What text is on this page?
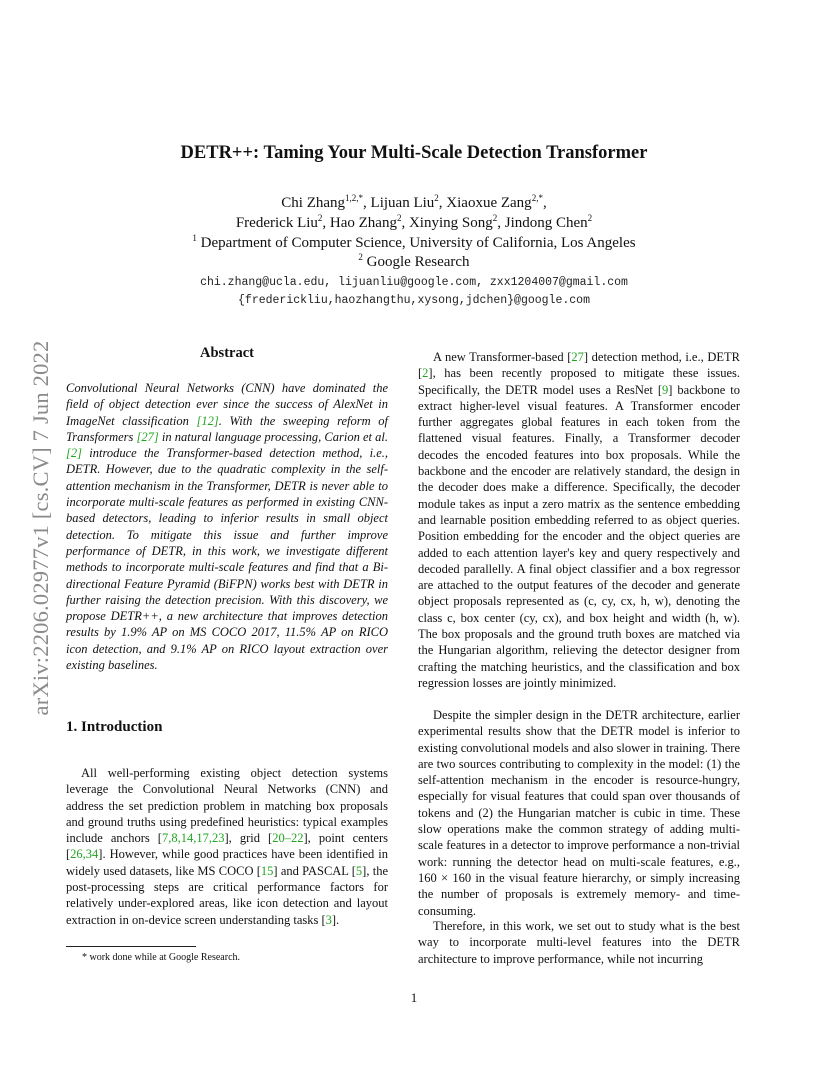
arXiv:2206.02977v1 [cs.CV] 7 Jun 2022
DETR++: Taming Your Multi-Scale Detection Transformer
Chi Zhang$^{1,2,*}$, Lijuan Liu$^2$, Xiaoxue Zang$^{2,*}$,
Frederick Liu$^2$, Hao Zhang$^2$, Xinying Song$^2$, Jindong Chen$^2$
$^1$ Department of Computer Science, University of California, Los Angeles
$^2$ Google Research
chi.zhang@ucla.edu, lijuanliu@google.com, zxx1204007@gmail.com
{frederickliu,haozhangthu,xysong,jdchen}@google.com
Abstract

Convolutional Neural Networks (CNN) have dominated the field of object detection ever since the success of AlexNet in ImageNet classification [12]. With the sweeping reform of Transformers [27] in natural language processing, Carion et al. [2] introduce the Transformer-based detection method, i.e., DETR. However, due to the quadratic complexity in the self-attention mechanism in the Transformer, DETR is never able to incorporate multi-scale features as performed in existing CNN-based detectors, leading to inferior results in small object detection. To mitigate this issue and further improve performance of DETR, in this work, we investigate different methods to incorporate multi-scale features and find that a Bi-directional Feature Pyramid (BiFPN) works best with DETR in further raising the detection precision. With this discovery, we propose DETR++, a new architecture that improves detection results by 1.9% AP on MS COCO 2017, 11.5% AP on RICO icon detection, and 9.1% AP on RICO layout extraction over existing baselines.

1. Introduction

All well-performing existing object detection systems leverage the Convolutional Neural Networks (CNN) and address the set prediction problem in matching box proposals and ground truths using predefined heuristics: typical examples include anchors [7,8,14,17,23], grid [20–22], point centers [26,34]. However, while good practices have been identified in widely used datasets, like MS COCO [15] and PASCAL [5], the post-processing steps are critical performance factors for relatively under-explored areas, like icon detection and layout extraction in on-device screen understanding tasks [3].

* work done while at Google Research.

A new Transformer-based [27] detection method, i.e., DETR [2], has been recently proposed to mitigate these issues. Specifically, the DETR model uses a ResNet [9] backbone to extract higher-level visual features. A Transformer encoder further aggregates global features in each token from the flattened visual features. Finally, a Transformer decoder decodes the encoded features into box proposals. While the backbone and the encoder are relatively standard, the design in the decoder does make a difference. Specifically, the decoder module takes as input a zero matrix as the sentence embedding and learnable position embedding referred to as object queries. Position embedding for the encoder and the object queries are added to each attention layer's key and query respectively and decoded parallelly. A final object classifier and a box regressor are attached to the output features of the decoder and generate object proposals represented as (c, cy, cx, h, w), denoting the class c, box center (cy, cx), and box height and width (h, w). The box proposals and the ground truth boxes are matched via the Hungarian algorithm, relieving the detector designer from crafting the matching heuristics, and the classification and box regression losses are jointly minimized.

Despite the simpler design in the DETR architecture, earlier experimental results show that the DETR model is inferior to existing convolutional models and also slower in training. There are two sources contributing to complexity in the model: (1) the self-attention mechanism in the encoder is resource-hungry, especially for visual features that could span over thousands of tokens and (2) the Hungarian matcher is cubic in time. These slow operations make the common strategy of adding multi-scale features in a detector to improve performance a non-trivial work: running the detector head on multi-scale features, e.g., 160 × 160 in the visual feature hierarchy, or simply increasing the number of proposals is extremely memory- and time-consuming.

Therefore, in this work, we set out to study what is the best way to incorporate multi-level features into the DETR architecture to improve performance, while not incurring

1
